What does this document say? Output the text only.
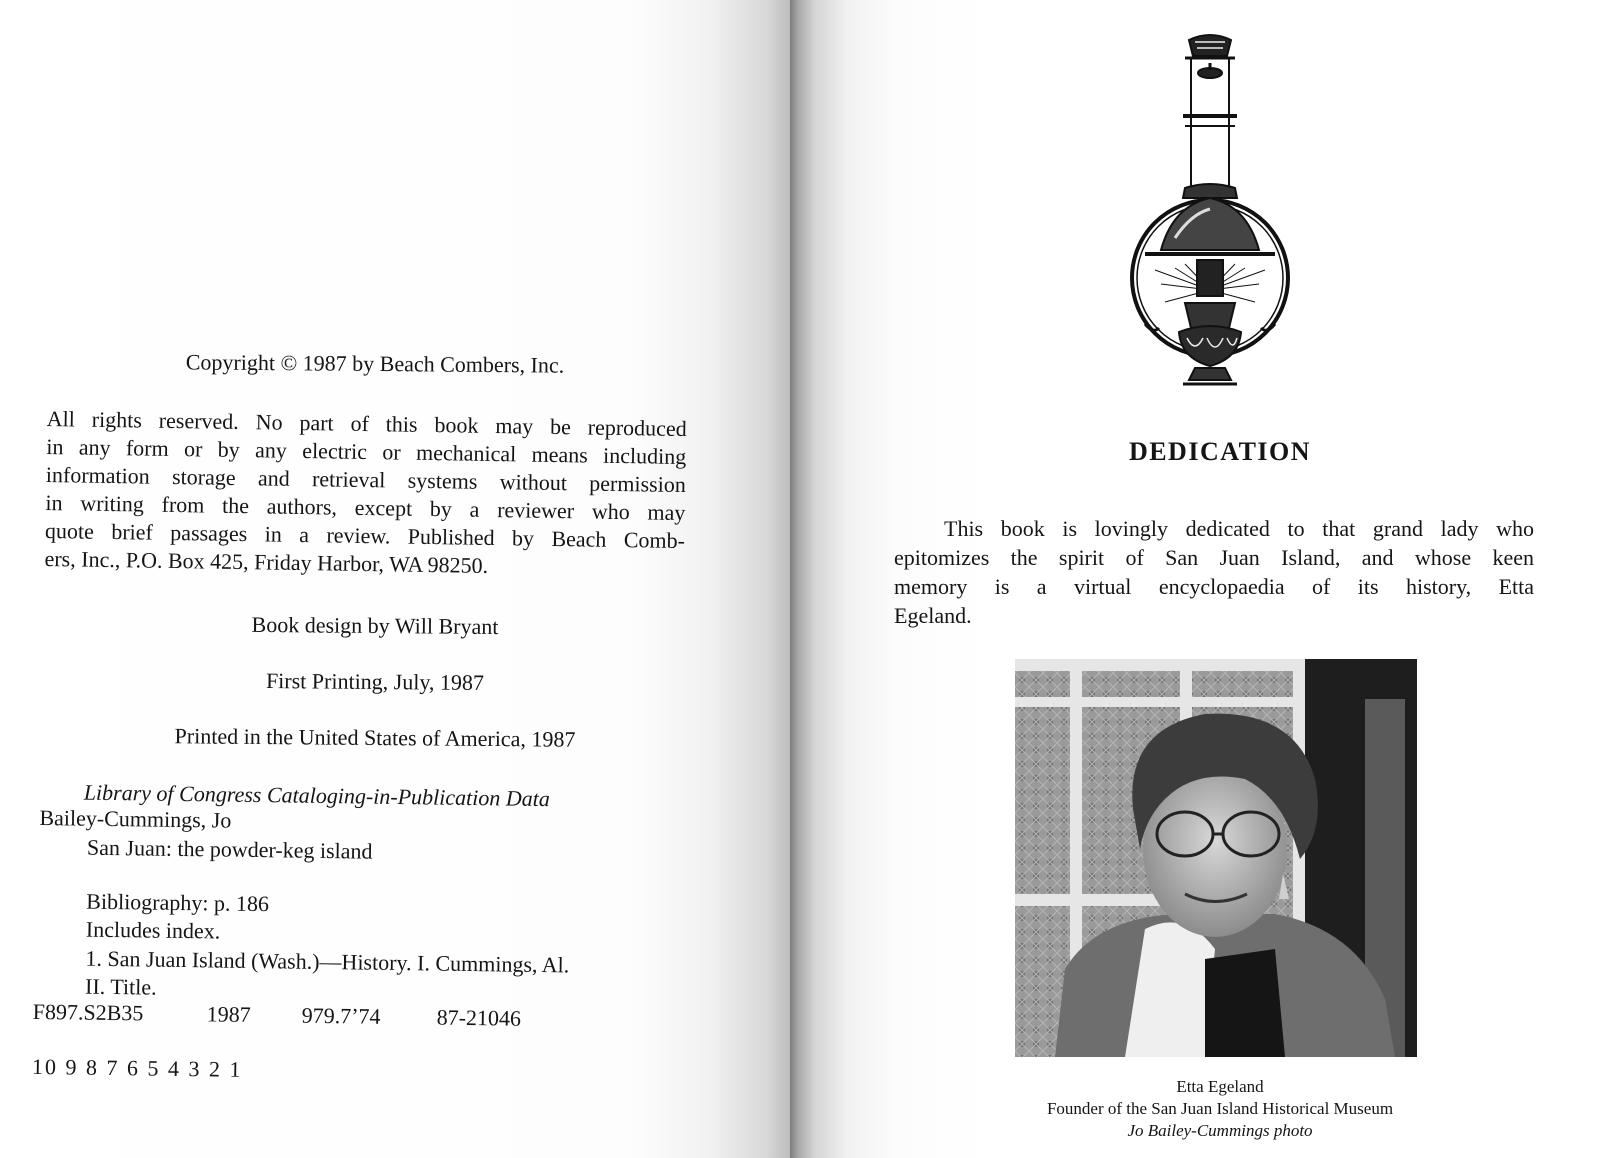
Copyright © 1987 by Beach Combers, Inc.
All rights reserved. No part of this book may be reproduced
in any form or by any electric or mechanical means including
information storage and retrieval systems without permission
in writing from the authors, except by a reviewer who may
quote brief passages in a review. Published by Beach Comb-
ers, Inc., P.O. Box 425, Friday Harbor, WA 98250.
Book design by Will Bryant
First Printing, July, 1987
Printed in the United States of America, 1987
Library of Congress Cataloging-in-Publication Data
Bailey-Cummings, Jo
San Juan: the powder-keg island
Bibliography: p. 186
Includes index.
1. San Juan Island (Wash.)—History. I. Cummings, Al.
II. Title.
F897.S2B35	1987 979.7’74	87-21046
10 9 8 7 6 5 4 3 2 1
DEDICATION
This book is lovingly dedicated to that grand lady who
epitomizes the spirit of San Juan Island, and whose keen
memory is a virtual encyclopaedia of its history, Etta
Egeland.
Etta Egeland
Founder of the San Juan Island Historical Museum
Jo Bailey-Cummings photo
